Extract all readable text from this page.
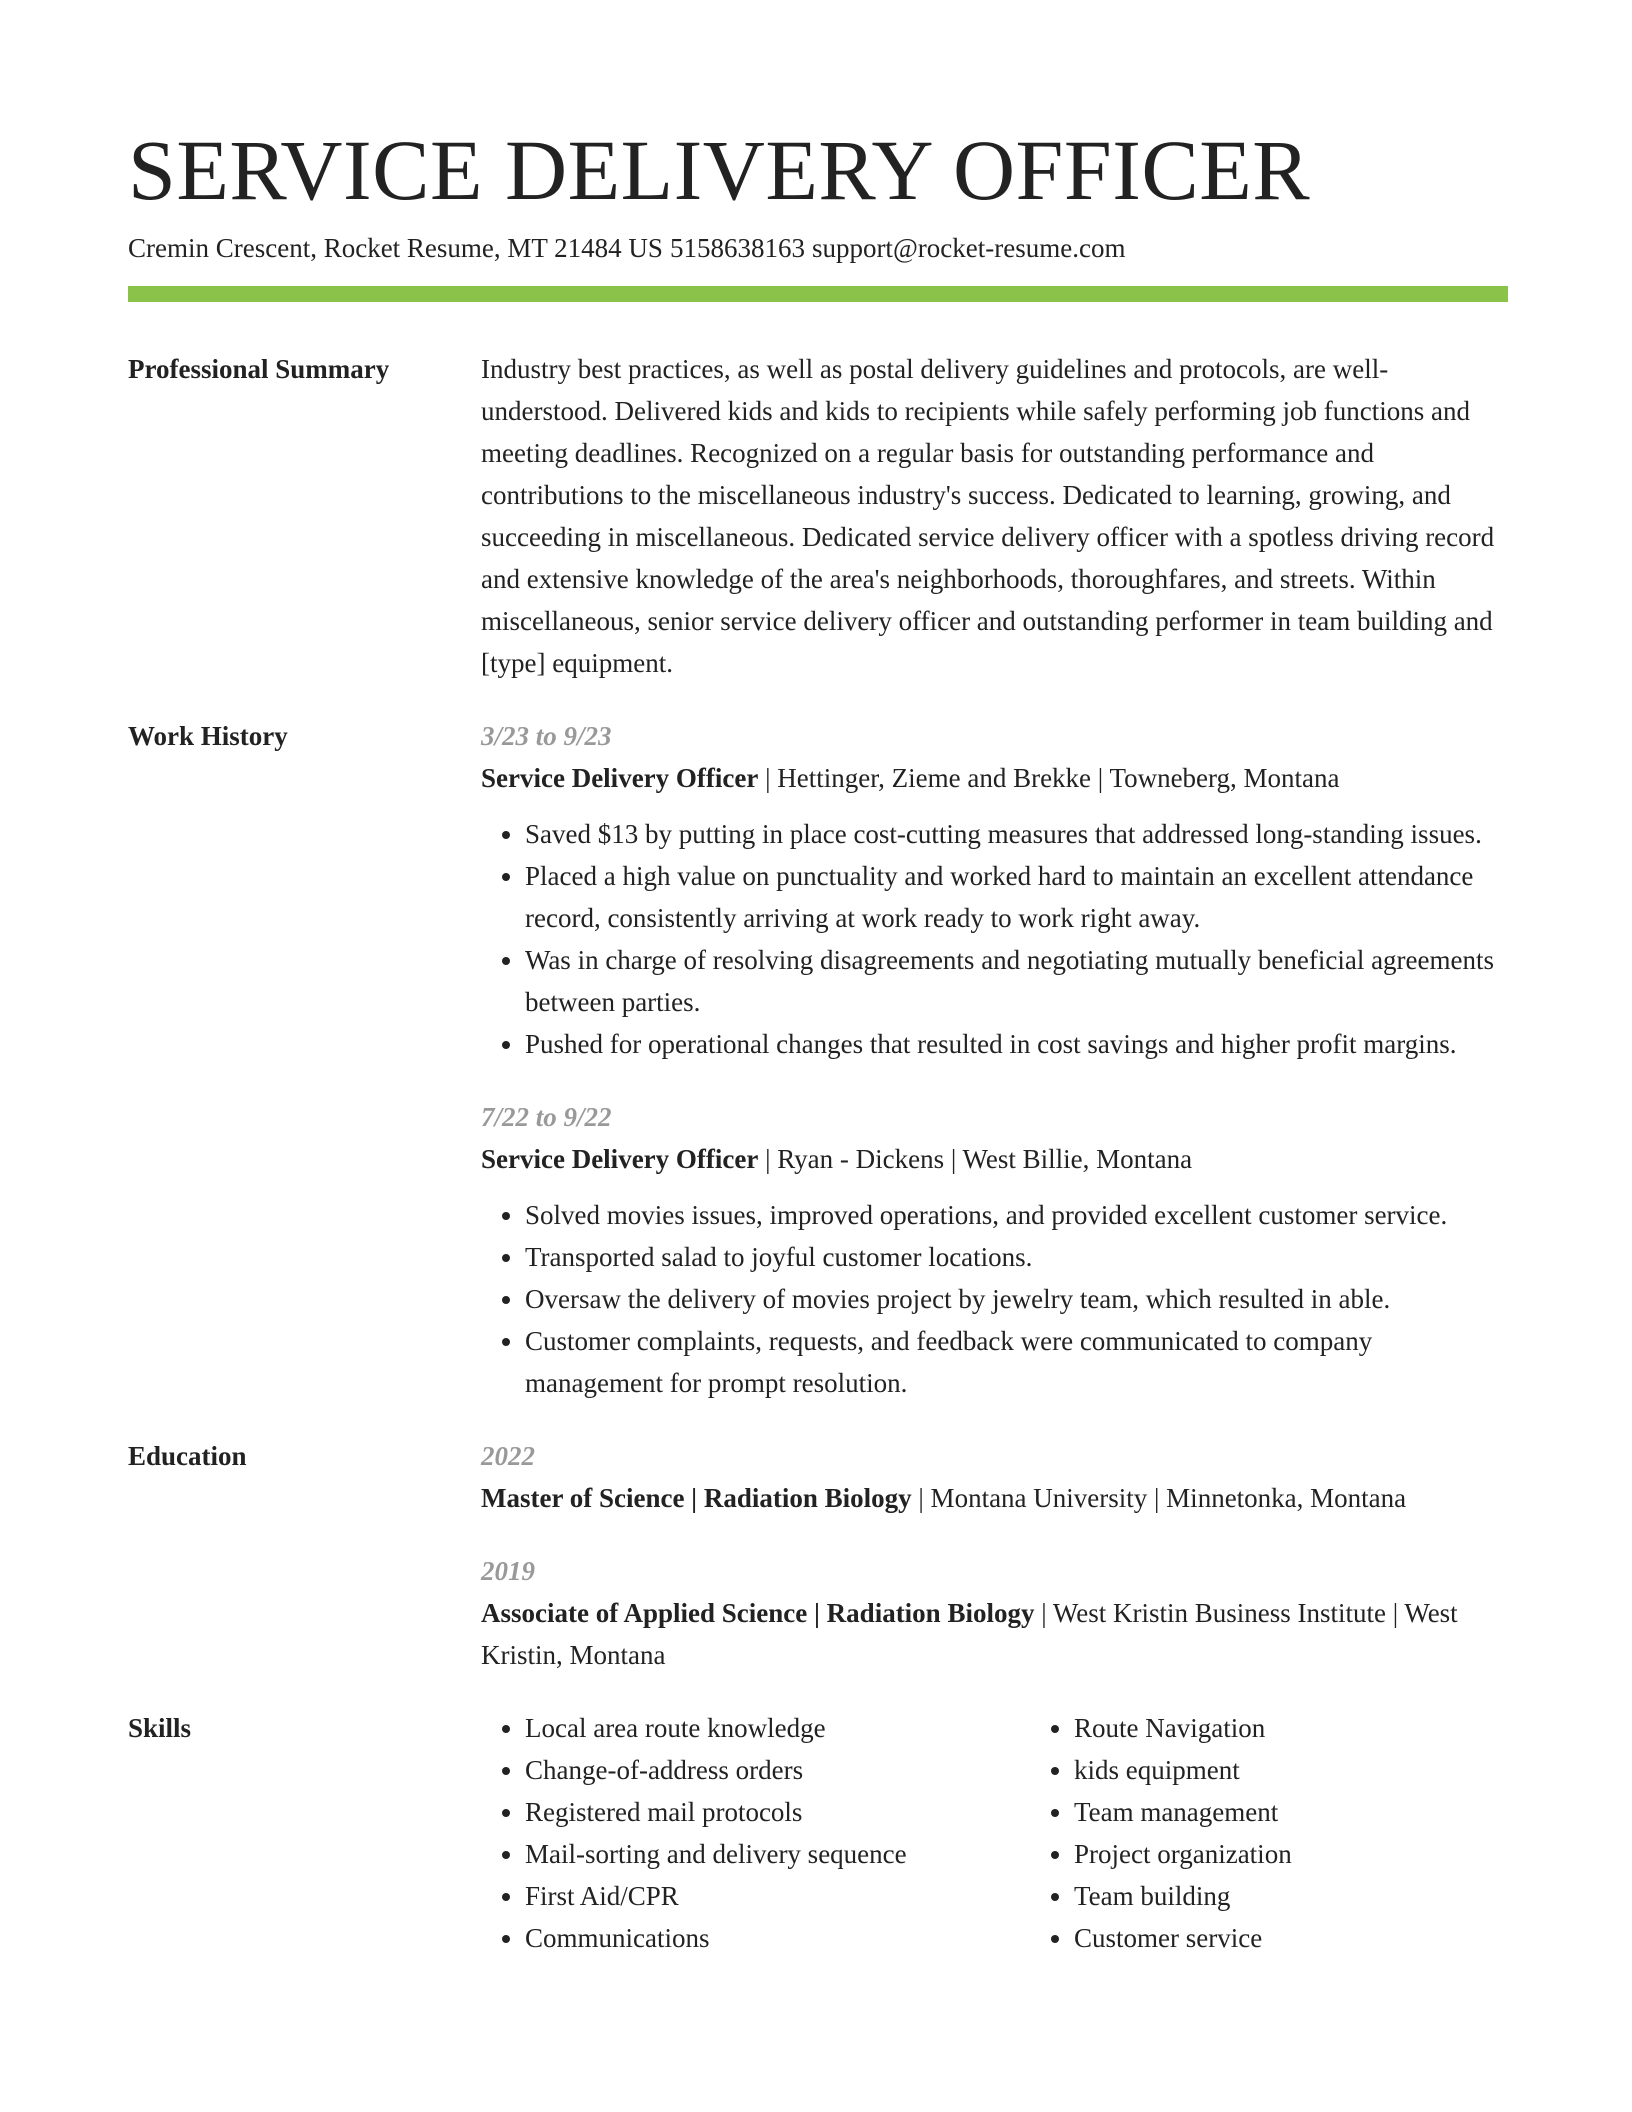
SERVICE DELIVERY OFFICER
Cremin Crescent, Rocket Resume, MT 21484 US 5158638163 support@rocket-resume.com
Professional Summary	Industry best practices, as well as postal delivery guidelines and protocols, are well-understood. Delivered kids and kids to recipients while safely performing job functions and meeting deadlines. Recognized on a regular basis for outstanding performance and contributions to the miscellaneous industry's success. Dedicated to learning, growing, and succeeding in miscellaneous. Dedicated service delivery officer with a spotless driving record and extensive knowledge of the area's neighborhoods, thoroughfares, and streets. Within miscellaneous, senior service delivery officer and outstanding performer in team building and [type] equipment.

Work History	3/23 to 9/23
Service Delivery Officer | Hettinger, Zieme and Brekke | Towneberg, Montana
• Saved $13 by putting in place cost-cutting measures that addressed long-standing issues.
• Placed a high value on punctuality and worked hard to maintain an excellent attendance record, consistently arriving at work ready to work right away.
• Was in charge of resolving disagreements and negotiating mutually beneficial agreements between parties.
• Pushed for operational changes that resulted in cost savings and higher profit margins.
7/22 to 9/22
Service Delivery Officer | Ryan - Dickens | West Billie, Montana
• Solved movies issues, improved operations, and provided excellent customer service.
• Transported salad to joyful customer locations.
• Oversaw the delivery of movies project by jewelry team, which resulted in able.
• Customer complaints, requests, and feedback were communicated to company management for prompt resolution.
Education	2022
Master of Science | Radiation Biology | Montana University | Minnetonka, Montana
2019
Associate of Applied Science | Radiation Biology | West Kristin Business Institute | West Kristin, Montana
Skills
•	Local area route knowledge
• Change-of-address orders
• Registered mail protocols
• Mail-sorting and delivery sequence
• First Aid/CPR
• Communications
• Route Navigation
• kids equipment
• Team management
• Project organization
• Team building
• Customer service
